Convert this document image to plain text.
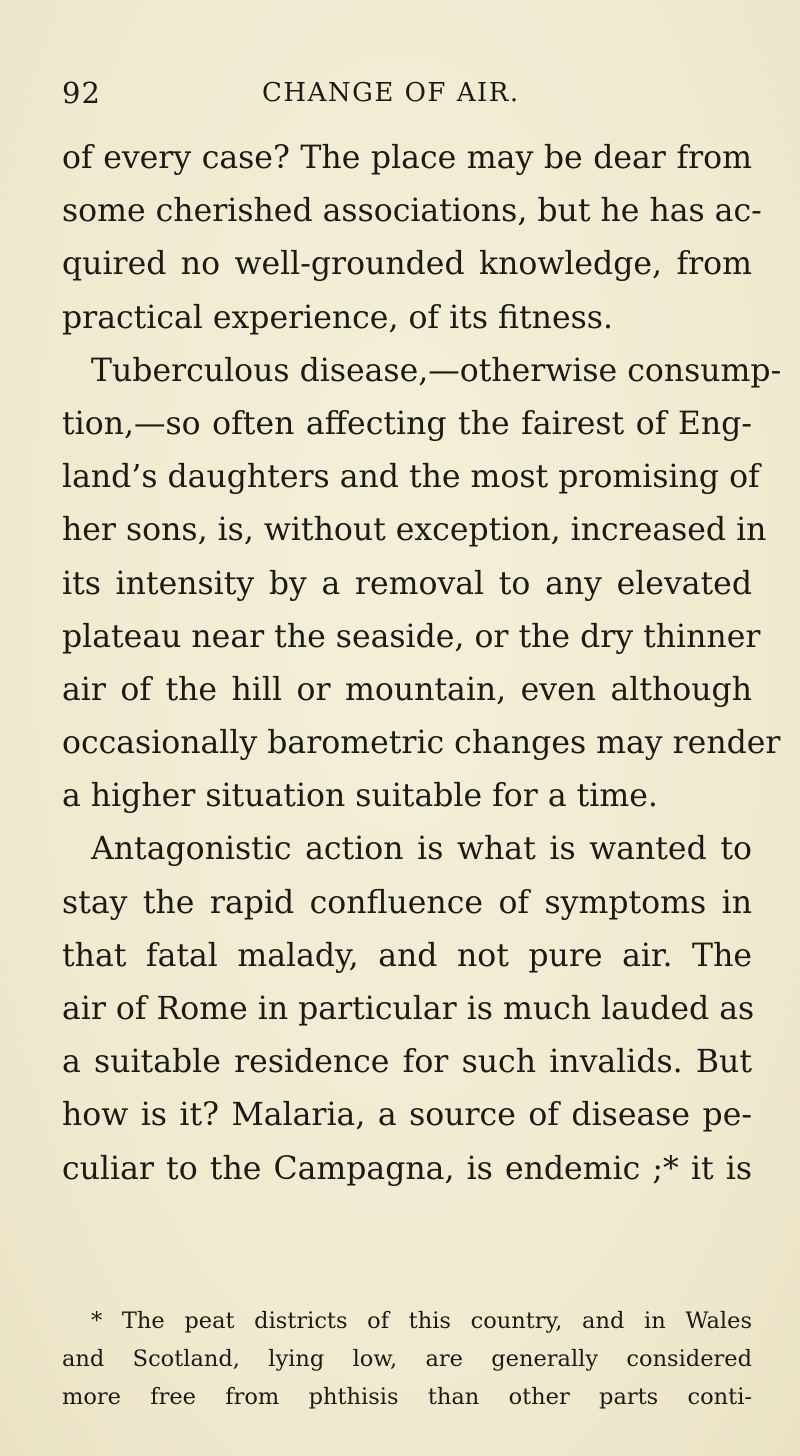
92	CHANGE OF AIR.
of every case? The place may be dear from
some cherished associations, but he has ac-
quired no well-grounded knowledge, from
practical experience, of its fitness.
Tuberculous disease,—otherwise consump-
tion,—so often affecting the fairest of Eng-
land’s daughters and the most promising of
her sons, is, without exception, increased in
its intensity by a removal to any elevated
plateau near the seaside, or the dry thinner
air of the hill or mountain, even although
occasionally barometric changes may render
a higher situation suitable for a time.
Antagonistic action is what is wanted to
stay the rapid confluence of symptoms in
that fatal malady, and not pure air. The
air of Rome in particular is much lauded as
a suitable residence for such invalids. But
how is it? Malaria, a source of disease pe-
culiar to the Campagna, is endemic ;* it is
* The peat districts of this country, and in Wales
and Scotland, lying low, are generally considered
more free from phthisis than other parts conti-
